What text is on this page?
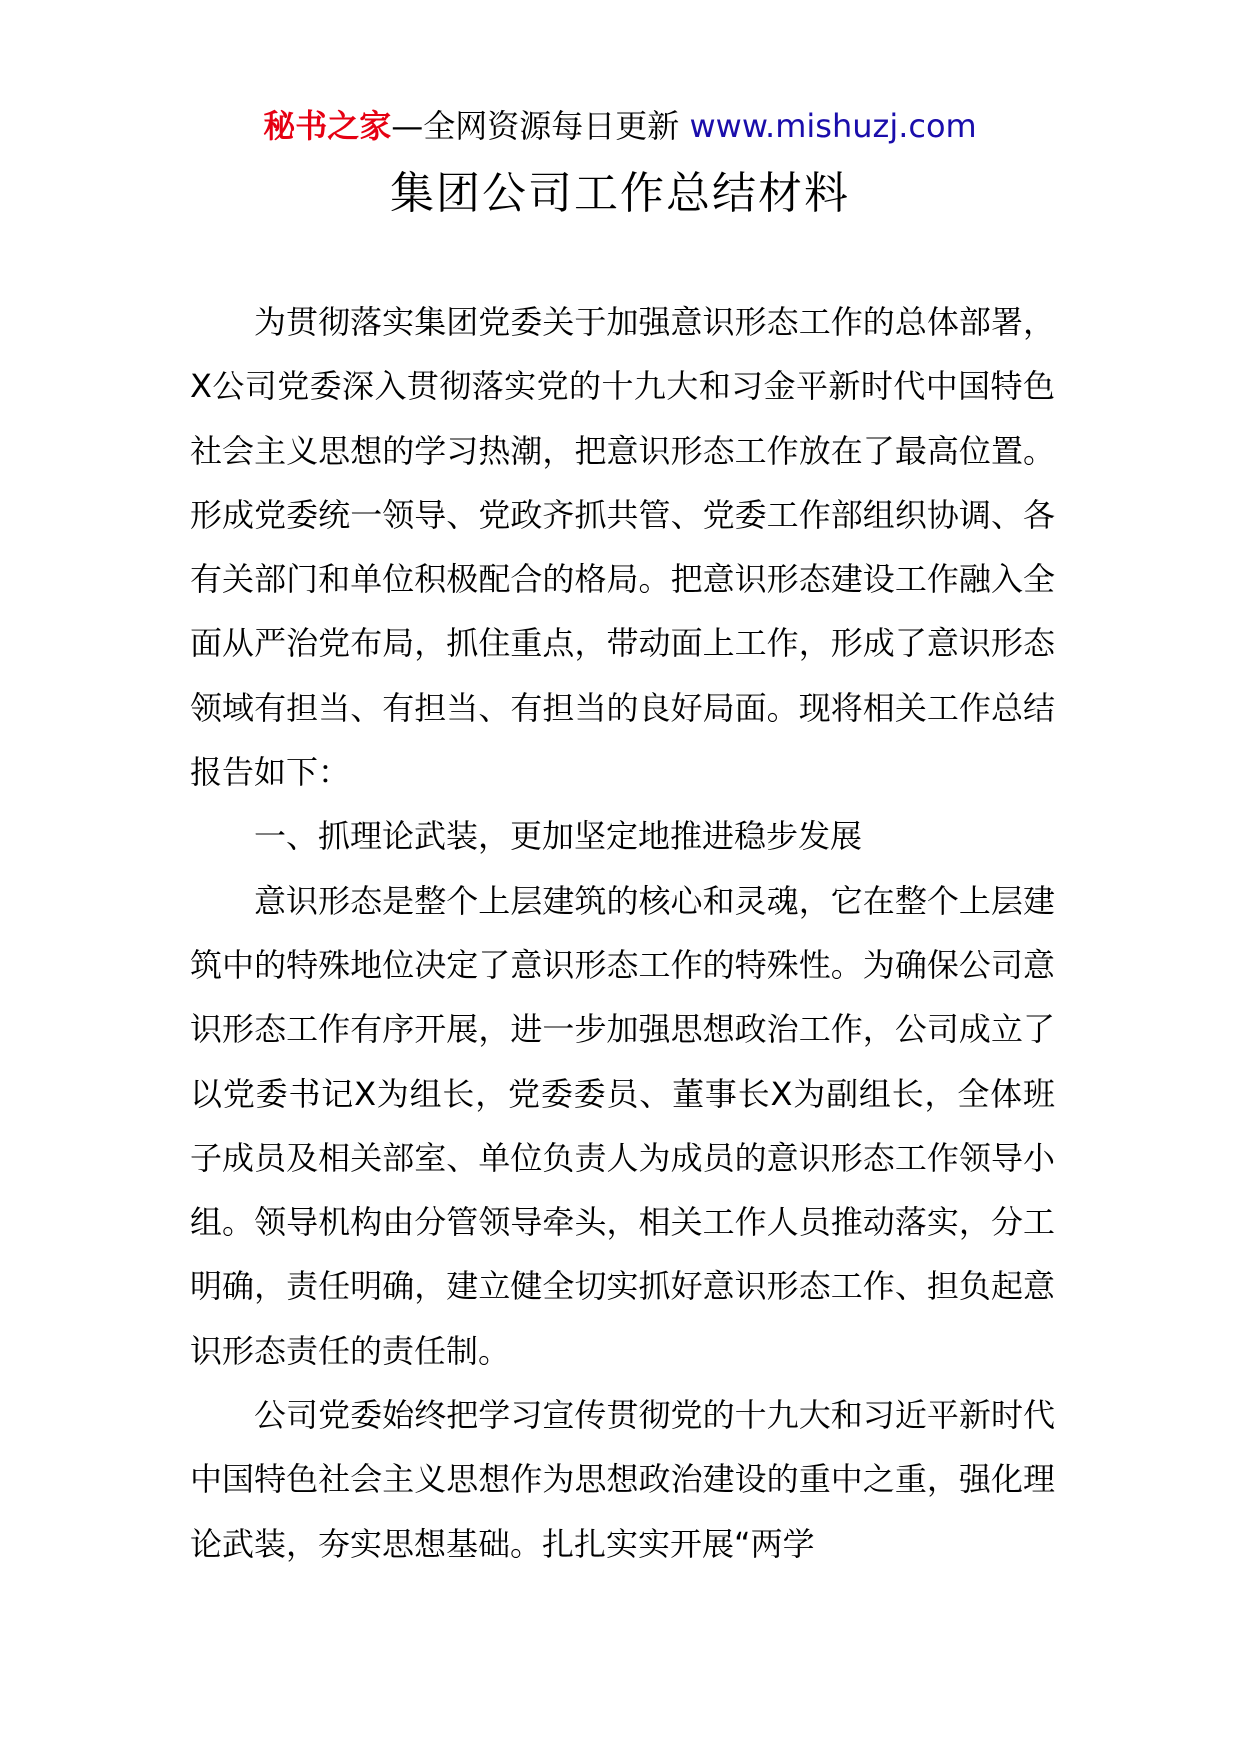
秘书之家—全网资源每日更新 www.mishuzj.com
集团公司工作总结材料

为贯彻落实集团党委关于加强意识形态工作的总体部署，X公司党委深入贯彻落实党的十九大和习金平新时代中国特色社会主义思想的学习热潮，把意识形态工作放在了最高位置。形成党委统一领导、党政齐抓共管、党委工作部组织协调、各有关部门和单位积极配合的格局。把意识形态建设工作融入全面从严治党布局，抓住重点，带动面上工作，形成了意识形态领域有担当、有担当、有担当的良好局面。现将相关工作总结报告如下：

一、抓理论武装，更加坚定地推进稳步发展

意识形态是整个上层建筑的核心和灵魂，它在整个上层建筑中的特殊地位决定了意识形态工作的特殊性。为确保公司意识形态工作有序开展，进一步加强思想政治工作，公司成立了以党委书记X为组长，党委委员、董事长X为副组长，全体班子成员及相关部室、单位负责人为成员的意识形态工作领导小组。领导机构由分管领导牵头，相关工作人员推动落实，分工明确，责任明确，建立健全切实抓好意识形态工作、担负起意识形态责任的责任制。

公司党委始终把学习宣传贯彻党的十九大和习近平新时代中国特色社会主义思想作为思想政治建设的重中之重，强化理论武装，夯实思想基础。扎扎实实开展“两学
